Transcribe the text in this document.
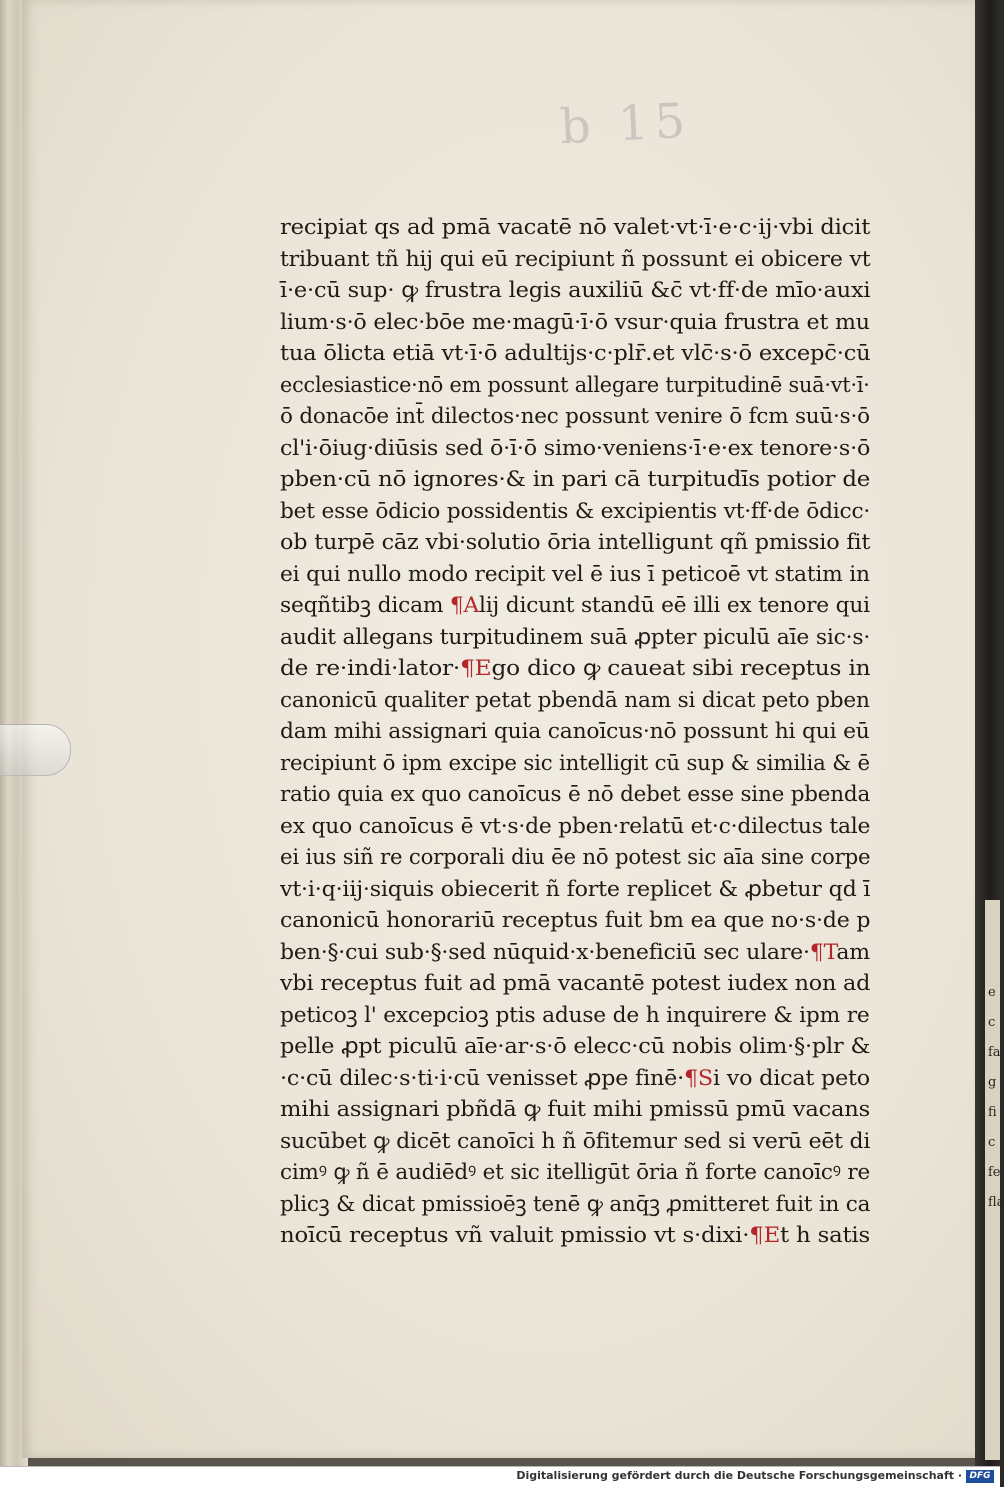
e
c
fa
g
fi
c
fe
fla
b 15
recipiat qs ad pmā vacatē nō valet·vt·ī·e·c·ij·vbi dicit
tribuant tñ hij qui eū recipiunt ñ possunt ei obicere vt
ī·e·cū sup· ꝙ frustra legis auxiliū &c̄ vt·ff·de mīo·auxi
lium·s·ō elec·bōe me·magū·ī·ō vsur·quia frustra et mu
tua ōlicta etiā vt·ī·ō adultijs·c·plr̄.et vlc̄·s·ō excepc̄·cū
ecclesiastice·nō em possunt allegare turpitudinē suā·vt·ī·
ō donacōe int̄ dilectos·nec possunt venire ō fcm suū·s·ō
cl'i·ōiug·diūsis sed ō·ī·ō simo·veniens·ī·e·ex tenore·s·ō
pben·cū nō ignores·& in pari cā turpitudīs potior de
bet esse ōdicio possidentis & excipientis vt·ff·de ōdicc·
ob turpē cāz vbi·solutio ōria intelligunt qñ pmissio fit
ei qui nullo modo recipit vel ē ius ī peticoē vt statim in
seqñtibꝫ dicam ¶Alij dicunt standū eē illi ex tenore qui
audit allegans turpitudinem suā ꝓpter piculū aīe sic·s·
de re·indi·lator·¶Ego dico ꝙ caueat sibi receptus in
canonicū qualiter petat pbendā nam si dicat peto pben
dam mihi assignari quia canoīcus·nō possunt hi qui eū
recipiunt ō ipm excipe sic intelligit cū sup & similia & ē
ratio quia ex quo canoīcus ē nō debet esse sine pbenda
ex quo canoīcus ē vt·s·de pben·relatū et·c·dilectus tale
ei ius siñ re corporali diu ēe nō potest sic aīa sine corpe
vt·i·q·iij·siquis obiecerit ñ forte replicet & ꝓbetur qd ī
canonicū honorariū receptus fuit bm ea que no·s·de p
ben·§·cui sub·§·sed nūquid·x·beneficiū sec ulare·¶Tam
vbi receptus fuit ad pmā vacantē potest iudex non ad
peticoꝫ l' excepcioꝫ ptis aduse de h inquirere & ipm re
pelle ꝓpt piculū aīe·ar·s·ō elecc·cū nobis olim·§·plr &
·c·cū dilec·s·ti·i·cū venisset ꝓpe finē·¶Si vo dicat peto
mihi assignari pbñdā ꝙ fuit mihi pmissū pmū vacans
sucūbet ꝙ dicēt canoīci h ñ ōfitemur sed si verū eēt di
cimꝰ ꝙ ñ ē audiēdꝰ et sic itelligūt ōria ñ forte canoīcꝰ re
plicꝫ & dicat pmissioēꝫ tenē ꝙ anq̄ꝫ ꝓmitteret fuit in ca
noīcū receptus vñ valuit pmissio vt s·dixi·¶Et h satis
Digitalisierung gefördert durch die Deutsche Forschungsgemeinschaft · DFG
